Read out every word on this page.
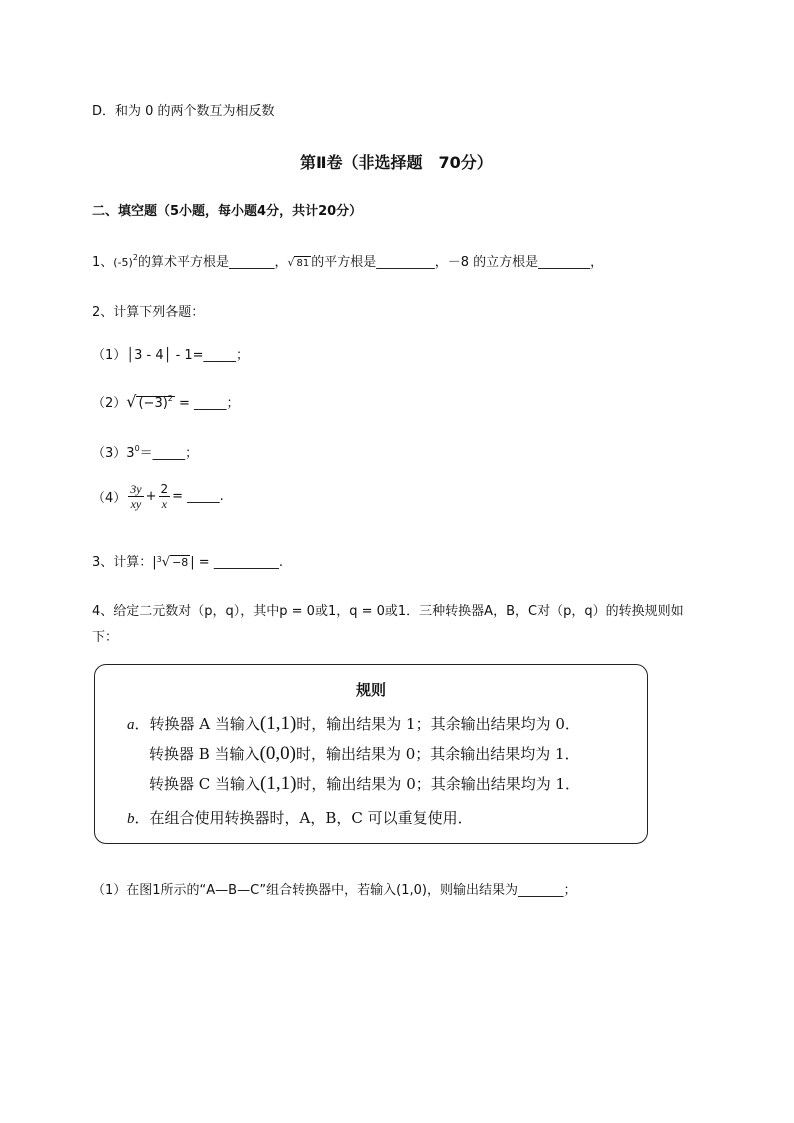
D．和为 0 的两个数互为相反数
第Ⅱ卷（非选择题　70分）
二、填空题（5小题，每小题4分，共计20分）
1、$(-5)^2$的算术平方根是_______，√ 81 的平方根是_________，－8 的立方根是________，
2、计算下列各题：
（1）│3 - 4│ - 1=_____；
（2）√ $(-3)^2$ = _____；
$(3)3^0=\_\_\_\_\_$；
$(4) \frac{3y}{xy} + \frac{2}{x}$ = _____.
3、计算：$|^3√ -8$ | = __________.
4、给定二元数对（p，q），其中p = 0或1，q = 0或1．三种转换器A，B，C对（p，q）的转换规则如
下：
规则
a．转换器 A 当输入(1,1)时，输出结果为 1；其余输出结果均为 0．
转换器 B 当输入(0,0)时，输出结果为 0；其余输出结果均为 1．
转换器 C 当输入(1,1)时，输出结果为 0；其余输出结果均为 1．
b．在组合使用转换器时，A，B，C 可以重复使用．
（1）在图1所示的“A—B—C”组合转换器中，若输入(1,0)，则输出结果为_______；
